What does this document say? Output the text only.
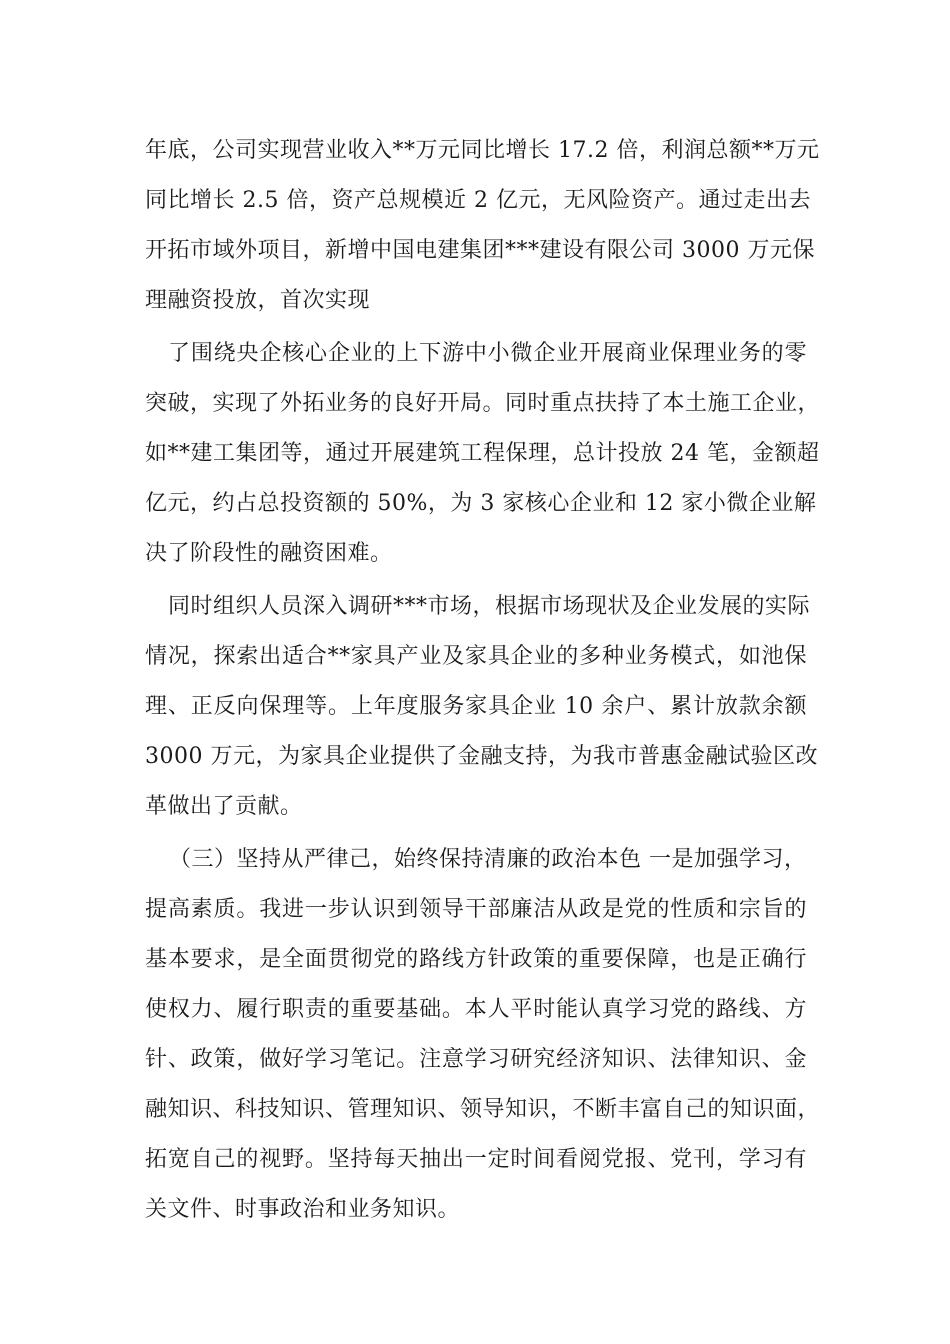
年底，公司实现营业收入**万元同比增长 17.2 倍，利润总额**万元

同比增长 2.5 倍，资产总规模近 2 亿元，无风险资产。通过走出去

开拓市域外项目，新增中国电建集团***建设有限公司 3000 万元保

理融资投放，首次实现

了围绕央企核心企业的上下游中小微企业开展商业保理业务的零

突破，实现了外拓业务的良好开局。同时重点扶持了本土施工企业，

如**建工集团等，通过开展建筑工程保理，总计投放 24 笔，金额超

亿元，约占总投资额的 50%，为 3 家核心企业和 12 家小微企业解

决了阶段性的融资困难。

同时组织人员深入调研***市场，根据市场现状及企业发展的实际

情况，探索出适合**家具产业及家具企业的多种业务模式，如池保

理、正反向保理等。上年度服务家具企业 10 余户、累计放款余额

3000 万元，为家具企业提供了金融支持，为我市普惠金融试验区改

革做出了贡献。

（三）坚持从严律己，始终保持清廉的政治本色 一是加强学习，

提高素质。我进一步认识到领导干部廉洁从政是党的性质和宗旨的

基本要求，是全面贯彻党的路线方针政策的重要保障，也是正确行

使权力、履行职责的重要基础。本人平时能认真学习党的路线、方

针、政策，做好学习笔记。注意学习研究经济知识、法律知识、金

融知识、科技知识、管理知识、领导知识，不断丰富自己的知识面，

拓宽自己的视野。坚持每天抽出一定时间看阅党报、党刊，学习有

关文件、时事政治和业务知识。
